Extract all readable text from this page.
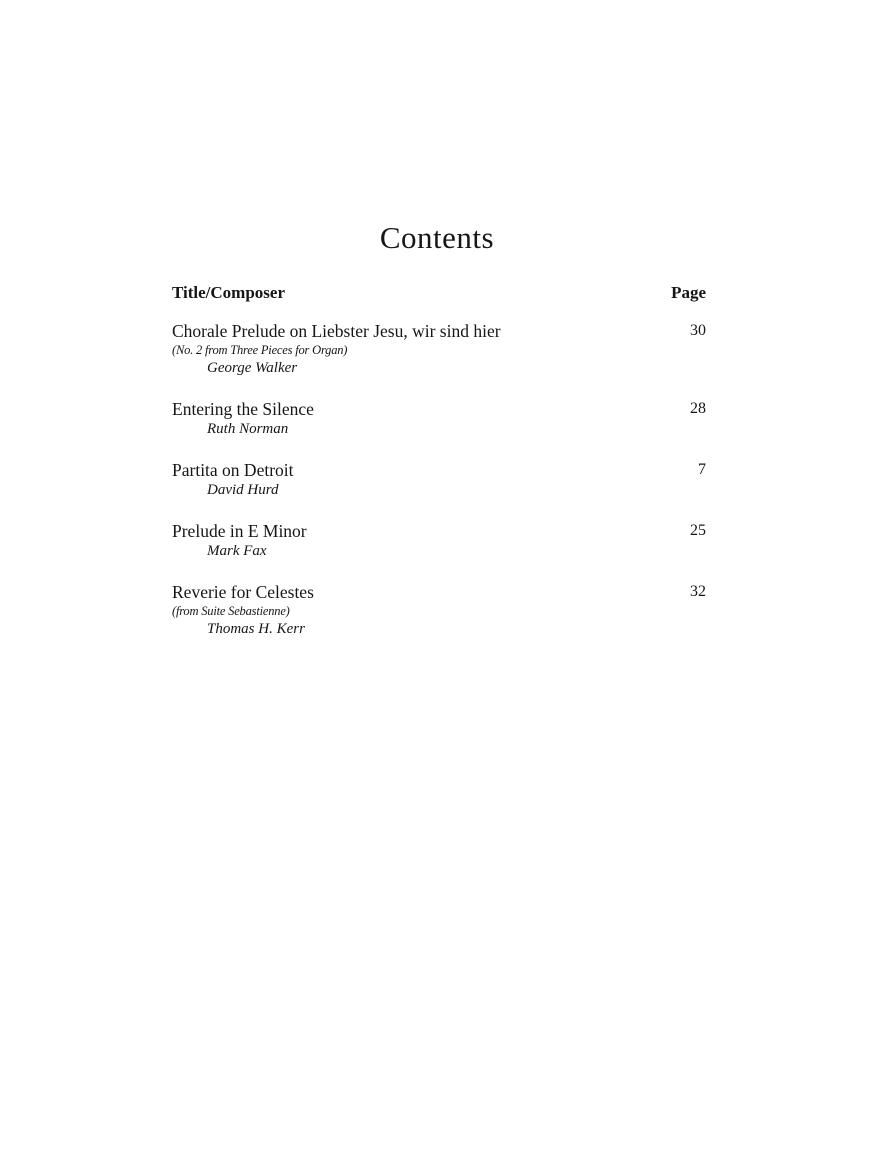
Contents
Title/Composer	Page
Chorale Prelude on Liebster Jesu, wir sind hier
(No. 2 from Three Pieces for Organ)
George Walker
30
Entering the Silence
Ruth Norman
28
Partita on Detroit
David Hurd
7
Prelude in E Minor
Mark Fax
25
Reverie for Celestes
(from Suite Sebastienne)
Thomas H. Kerr
32
